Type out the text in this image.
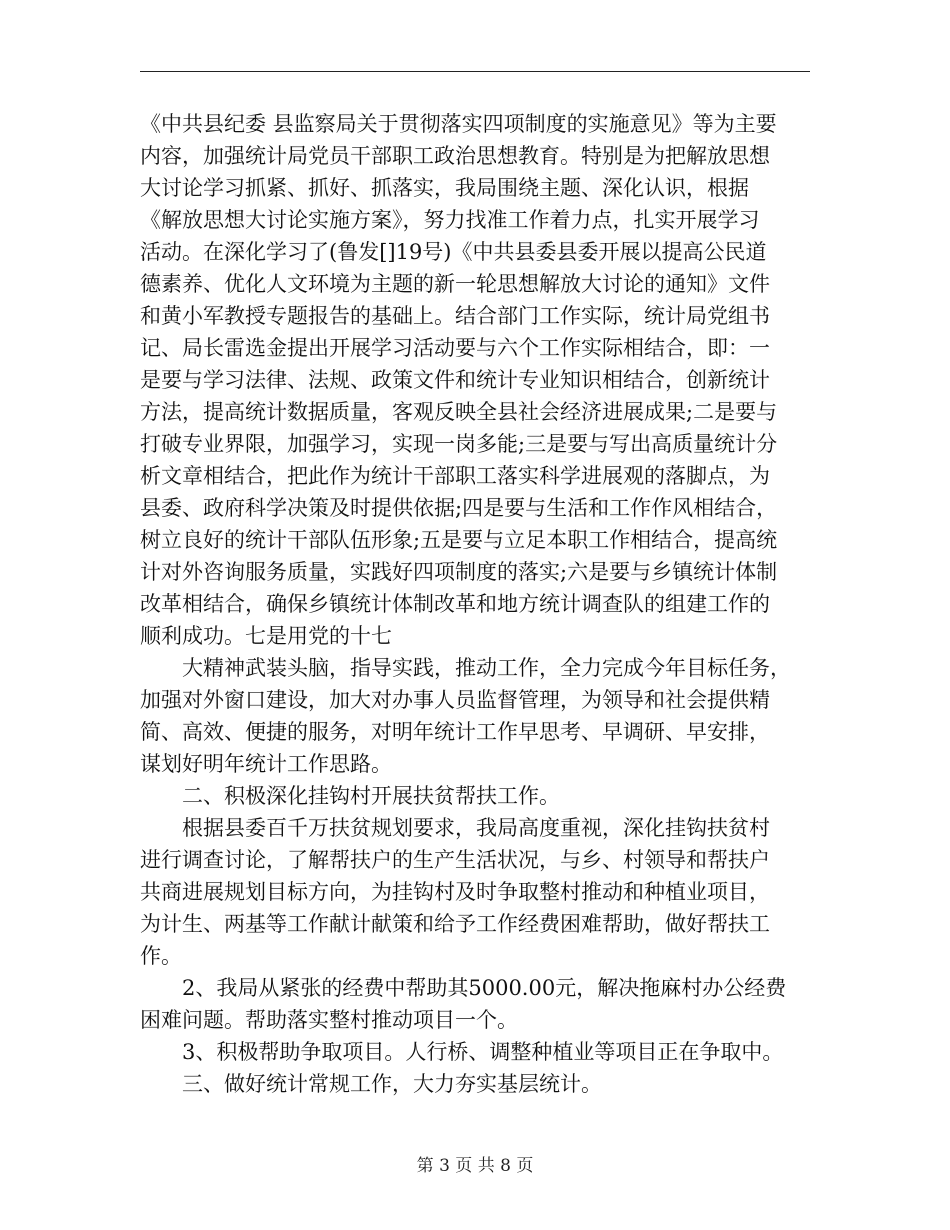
《中共县纪委 县监察局关于贯彻落实四项制度的实施意见》等为主要
内容，加强统计局党员干部职工政治思想教育。特别是为把解放思想
大讨论学习抓紧、抓好、抓落实，我局围绕主题、深化认识，根据
《解放思想大讨论实施方案》，努力找准工作着力点，扎实开展学习
活动。在深化学习了(鲁发[]19号)《中共县委县委开展以提高公民道
德素养、优化人文环境为主题的新一轮思想解放大讨论的通知》文件
和黄小军教授专题报告的基础上。结合部门工作实际，统计局党组书
记、局长雷选金提出开展学习活动要与六个工作实际相结合，即：一
是要与学习法律、法规、政策文件和统计专业知识相结合，创新统计
方法，提高统计数据质量，客观反映全县社会经济进展成果;二是要与
打破专业界限，加强学习，实现一岗多能;三是要与写出高质量统计分
析文章相结合，把此作为统计干部职工落实科学进展观的落脚点，为
县委、政府科学决策及时提供依据;四是要与生活和工作作风相结合，
树立良好的统计干部队伍形象;五是要与立足本职工作相结合，提高统
计对外咨询服务质量，实践好四项制度的落实;六是要与乡镇统计体制
改革相结合，确保乡镇统计体制改革和地方统计调查队的组建工作的
顺利成功。七是用党的十七
大精神武装头脑，指导实践，推动工作，全力完成今年目标任务，
加强对外窗口建设，加大对办事人员监督管理，为领导和社会提供精
简、高效、便捷的服务，对明年统计工作早思考、早调研、早安排，
谋划好明年统计工作思路。
二、积极深化挂钩村开展扶贫帮扶工作。
根据县委百千万扶贫规划要求，我局高度重视，深化挂钩扶贫村
进行调查讨论，了解帮扶户的生产生活状况，与乡、村领导和帮扶户
共商进展规划目标方向，为挂钩村及时争取整村推动和种植业项目，
为计生、两基等工作献计献策和给予工作经费困难帮助，做好帮扶工
作。
2、我局从紧张的经费中帮助其5000.00元，解决拖麻村办公经费
困难问题。帮助落实整村推动项目一个。
3、积极帮助争取项目。人行桥、调整种植业等项目正在争取中。
三、做好统计常规工作，大力夯实基层统计。
第 3 页 共 8 页
